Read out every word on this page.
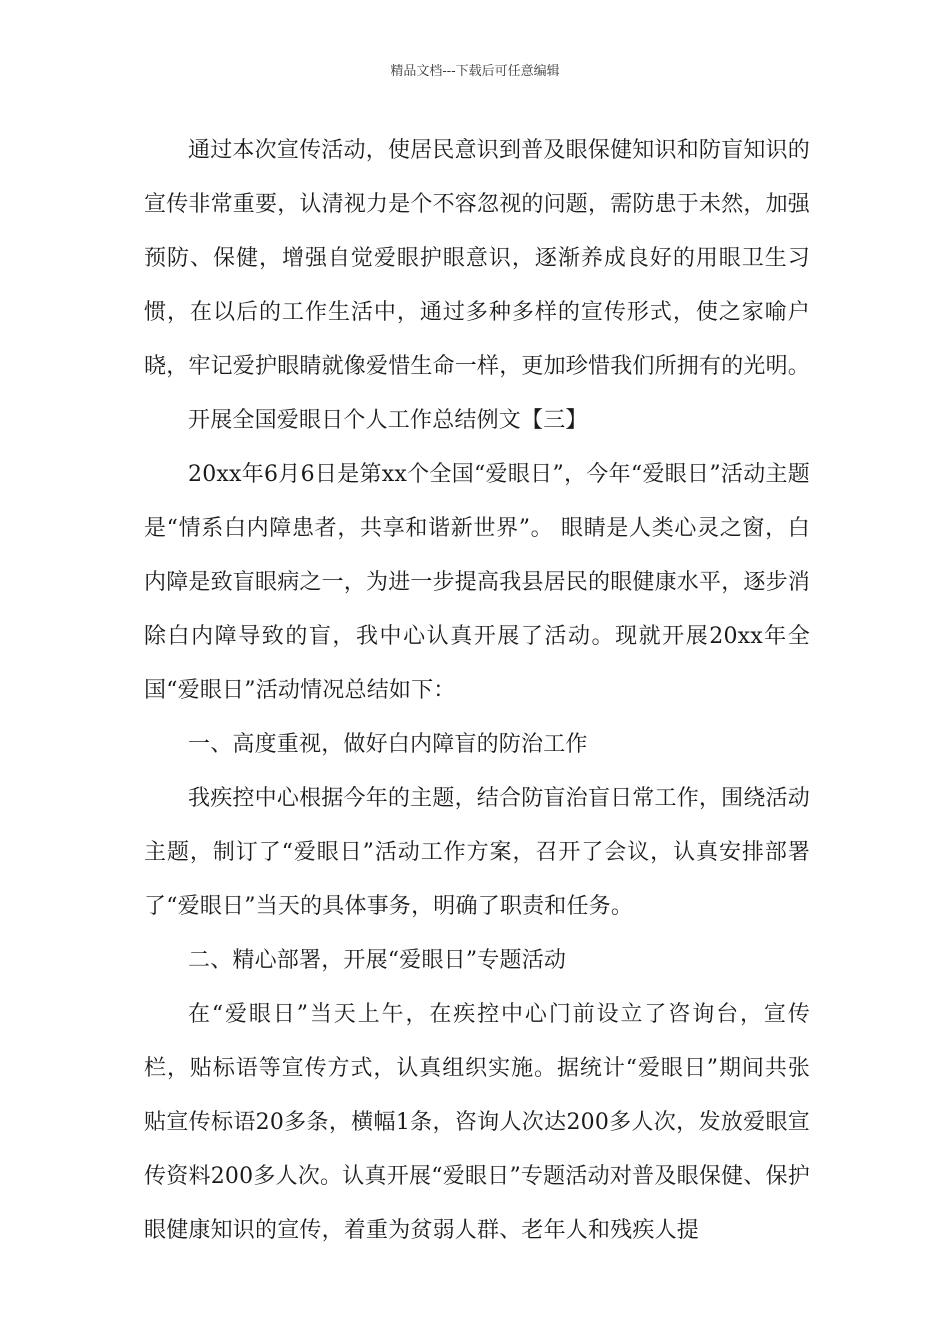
精品文档---下载后可任意编辑

通过本次宣传活动，使居民意识到普及眼保健知识和防盲知识的宣传非常重要，认清视力是个不容忽视的问题，需防患于未然，加强预防、保健，增强自觉爱眼护眼意识，逐渐养成良好的用眼卫生习惯，在以后的工作生活中，通过多种多样的宣传形式，使之家喻户晓，牢记爱护眼睛就像爱惜生命一样，更加珍惜我们所拥有的光明。

开展全国爱眼日个人工作总结例文【三】

20xx年6月6日是第xx个全国“爱眼日”，今年“爱眼日”活动主题是“情系白内障患者，共享和谐新世界”。 眼睛是人类心灵之窗，白内障是致盲眼病之一，为进一步提高我县居民的眼健康水平，逐步消除白内障导致的盲，我中心认真开展了活动。现就开展20xx年全国“爱眼日”活动情况总结如下：

一、高度重视，做好白内障盲的防治工作

我疾控中心根据今年的主题，结合防盲治盲日常工作，围绕活动主题，制订了“爱眼日”活动工作方案，召开了会议，认真安排部署了“爱眼日”当天的具体事务，明确了职责和任务。

二、精心部署，开展“爱眼日”专题活动

在“爱眼日”当天上午，在疾控中心门前设立了咨询台，宣传栏，贴标语等宣传方式，认真组织实施。据统计“爱眼日”期间共张贴宣传标语20多条，横幅1条，咨询人次达200多人次，发放爱眼宣传资料200多人次。认真开展“爱眼日”专题活动对普及眼保健、保护眼健康知识的宣传，着重为贫弱人群、老年人和残疾人提
